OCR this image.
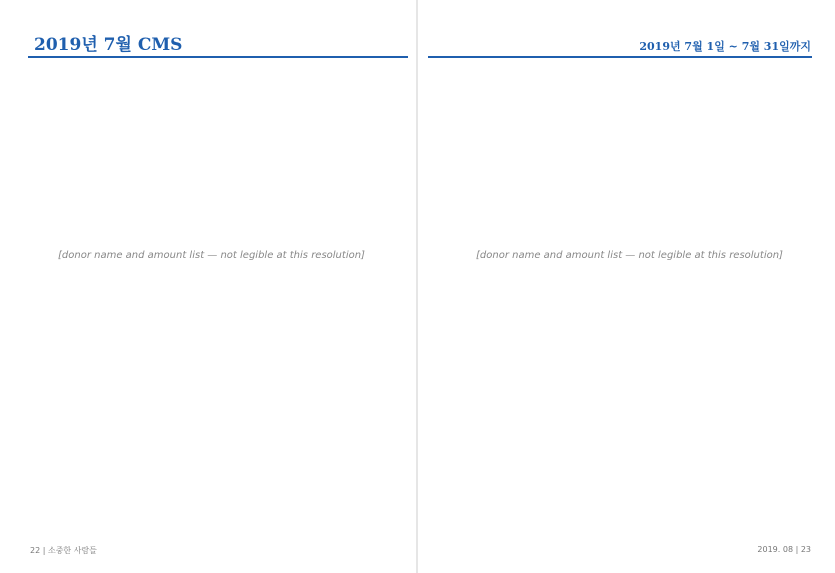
2019년 7월 CMS
[donor name and amount list — not legible at this resolution]
22 | 소중한 사람들
2019년 7월 1일 ~ 7월 31일까지
[donor name and amount list — not legible at this resolution]
2019. 08 | 23
